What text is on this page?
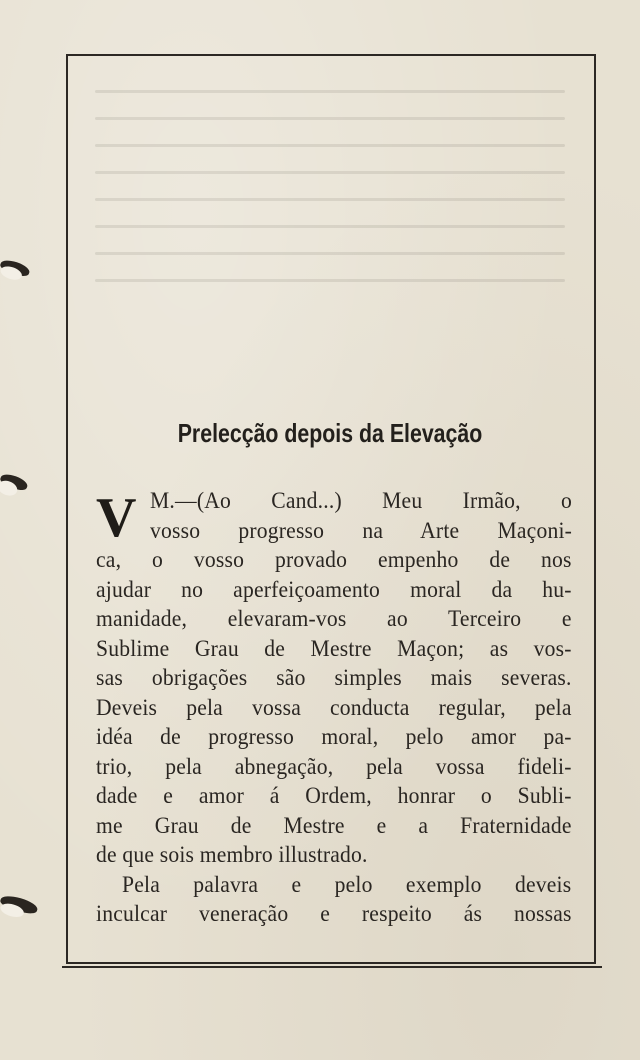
Prelecção depois da Elevação
V M.—(Ao Cand...) Meu Irmão, o
vosso progresso na Arte Maçoni-
ca, o vosso provado empenho de nos
ajudar no aperfeiçoamento moral da hu-
manidade, elevaram-vos ao Terceiro e
Sublime Grau de Mestre Maçon; as vos-
sas obrigações são simples mais severas.
Deveis pela vossa conducta regular, pela
idéa de progresso moral, pelo amor pa-
trio, pela abnegação, pela vossa fideli-
dade e amor á Ordem, honrar o Subli-
me Grau de Mestre e a Fraternidade
de que sois membro illustrado.
Pela palavra e pelo exemplo deveis
inculcar veneração e respeito ás nossas
